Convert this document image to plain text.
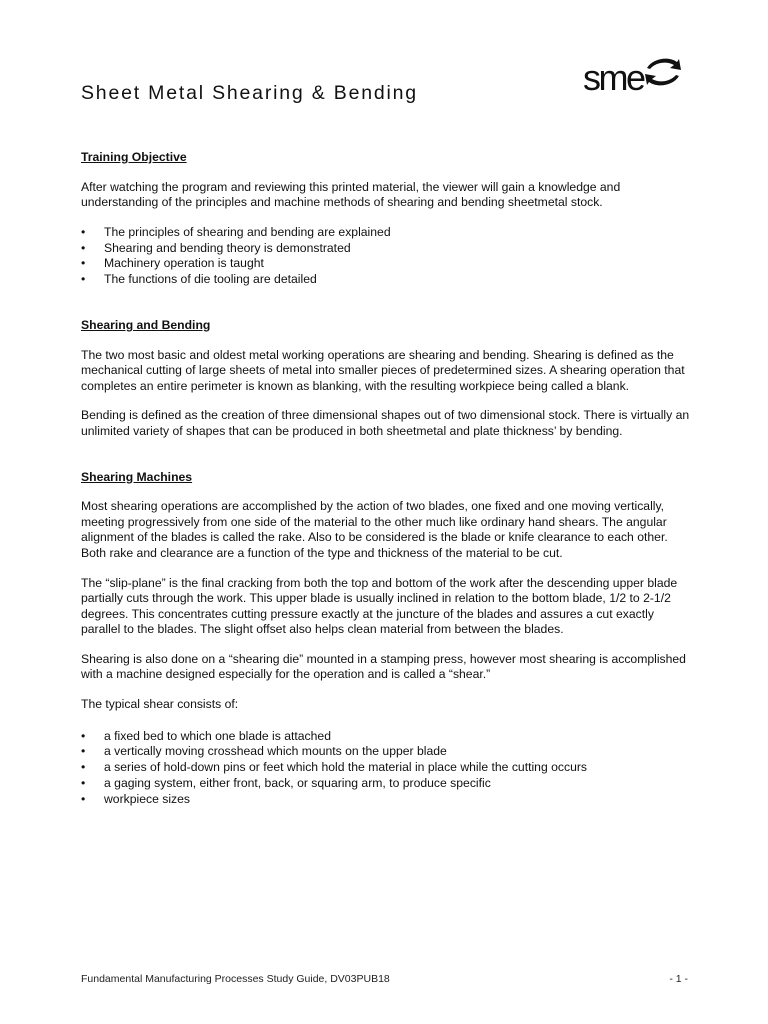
Sheet Metal Shearing & Bending	sme
Training Objective

After watching the program and reviewing this printed material, the viewer will gain a knowledge and understanding of the principles and machine methods of shearing and bending sheetmetal stock.

• The principles of shearing and bending are explained
• Shearing and bending theory is demonstrated
• Machinery operation is taught
• The functions of die tooling are detailed
Shearing and Bending

The two most basic and oldest metal working operations are shearing and bending. Shearing is defined as the mechanical cutting of large sheets of metal into smaller pieces of predetermined sizes. A shearing operation that completes an entire perimeter is known as blanking, with the resulting workpiece being called a blank.

Bending is defined as the creation of three dimensional shapes out of two dimensional stock. There is virtually an unlimited variety of shapes that can be produced in both sheetmetal and plate thickness’ by bending.

Shearing Machines

Most shearing operations are accomplished by the action of two blades, one fixed and one moving vertically, meeting progressively from one side of the material to the other much like ordinary hand shears. The angular alignment of the blades is called the rake. Also to be considered is the blade or knife clearance to each other. Both rake and clearance are a function of the type and thickness of the material to be cut.

The “slip-plane” is the final cracking from both the top and bottom of the work after the descending upper blade partially cuts through the work. This upper blade is usually inclined in relation to the bottom blade, 1/2 to 2-1/2 degrees. This concentrates cutting pressure exactly at the juncture of the blades and assures a cut exactly parallel to the blades. The slight offset also helps clean material from between the blades.

Shearing is also done on a “shearing die” mounted in a stamping press, however most shearing is accomplished with a machine designed especially for the operation and is called a “shear.”

The typical shear consists of:

• a fixed bed to which one blade is attached
• a vertically moving crosshead which mounts on the upper blade
• a series of hold-down pins or feet which hold the material in place while the cutting occurs
• a gaging system, either front, back, or squaring arm, to produce specific
• workpiece sizes
Fundamental Manufacturing Processes Study Guide, DV03PUB18	- 1 -
